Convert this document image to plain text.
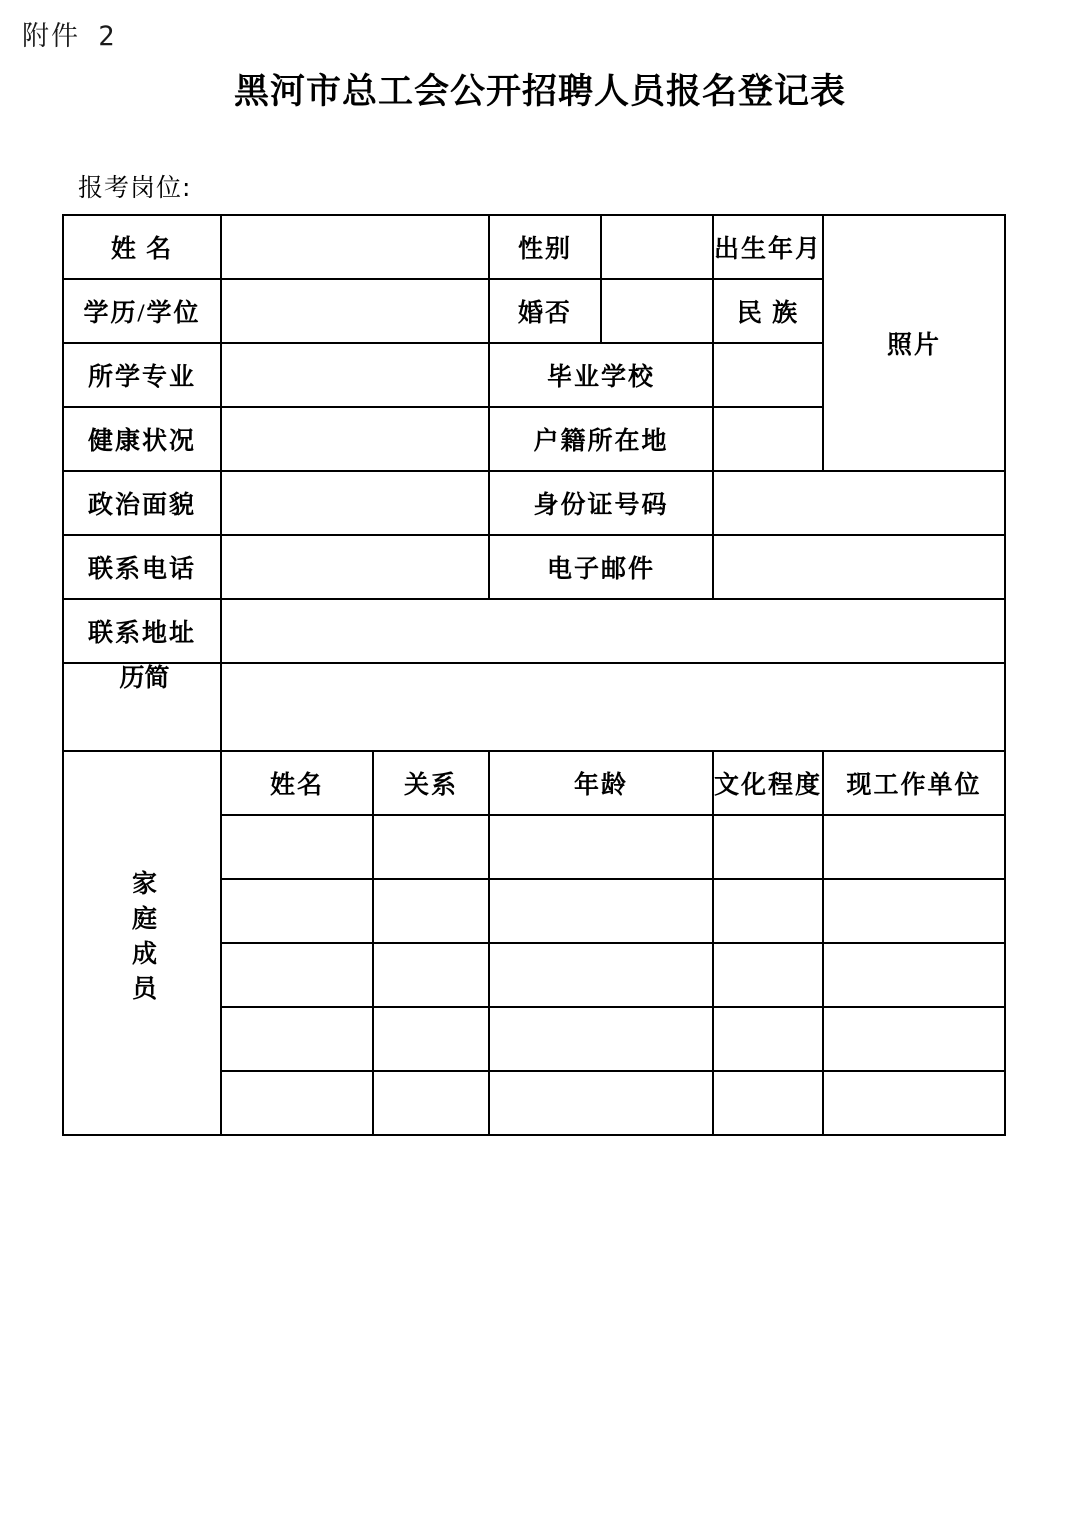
附件 2
黑河市总工会公开招聘人员报名登记表
报考岗位:
姓 名			性别		出生年月		照片
学历/学位			婚否		民 族	
所学专业			毕业学校			
健康状况			户籍所在地			
政治面貌			身份证号码			
联系电话			电子邮件			
联系地址						
简历						
家庭成员	姓名	关系	年龄		文化程度	现工作单位
